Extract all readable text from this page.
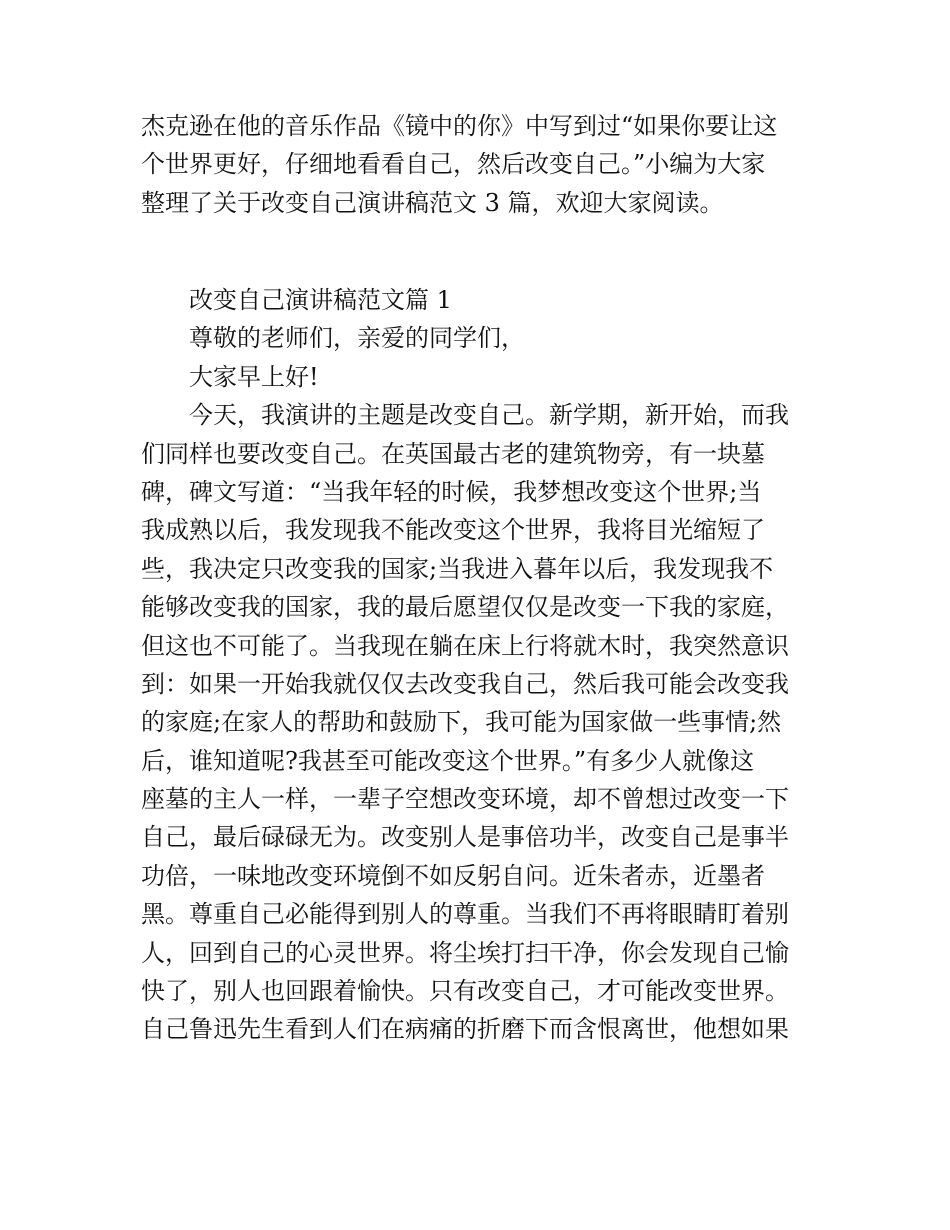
杰克逊在他的音乐作品《镜中的你》中写到过“如果你要让这
个世界更好，仔细地看看自己，然后改变自己。”小编为大家
整理了关于改变自己演讲稿范文 3 篇，欢迎大家阅读。
改变自己演讲稿范文篇 1
尊敬的老师们，亲爱的同学们，
大家早上好!
今天，我演讲的主题是改变自己。新学期，新开始，而我
们同样也要改变自己。在英国最古老的建筑物旁，有一块墓
碑，碑文写道：“当我年轻的时候，我梦想改变这个世界;当
我成熟以后，我发现我不能改变这个世界，我将目光缩短了
些，我决定只改变我的国家;当我进入暮年以后，我发现我不
能够改变我的国家，我的最后愿望仅仅是改变一下我的家庭，
但这也不可能了。当我现在躺在床上行将就木时，我突然意识
到：如果一开始我就仅仅去改变我自己，然后我可能会改变我
的家庭;在家人的帮助和鼓励下，我可能为国家做一些事情;然
后，谁知道呢?我甚至可能改变这个世界。”有多少人就像这
座墓的主人一样，一辈子空想改变环境，却不曾想过改变一下
自己，最后碌碌无为。改变别人是事倍功半，改变自己是事半
功倍，一味地改变环境倒不如反躬自问。近朱者赤，近墨者
黑。尊重自己必能得到别人的尊重。当我们不再将眼睛盯着别
人，回到自己的心灵世界。将尘埃打扫干净，你会发现自己愉
快了，别人也回跟着愉快。只有改变自己，才可能改变世界。
自己鲁迅先生看到人们在病痛的折磨下而含恨离世，他想如果
